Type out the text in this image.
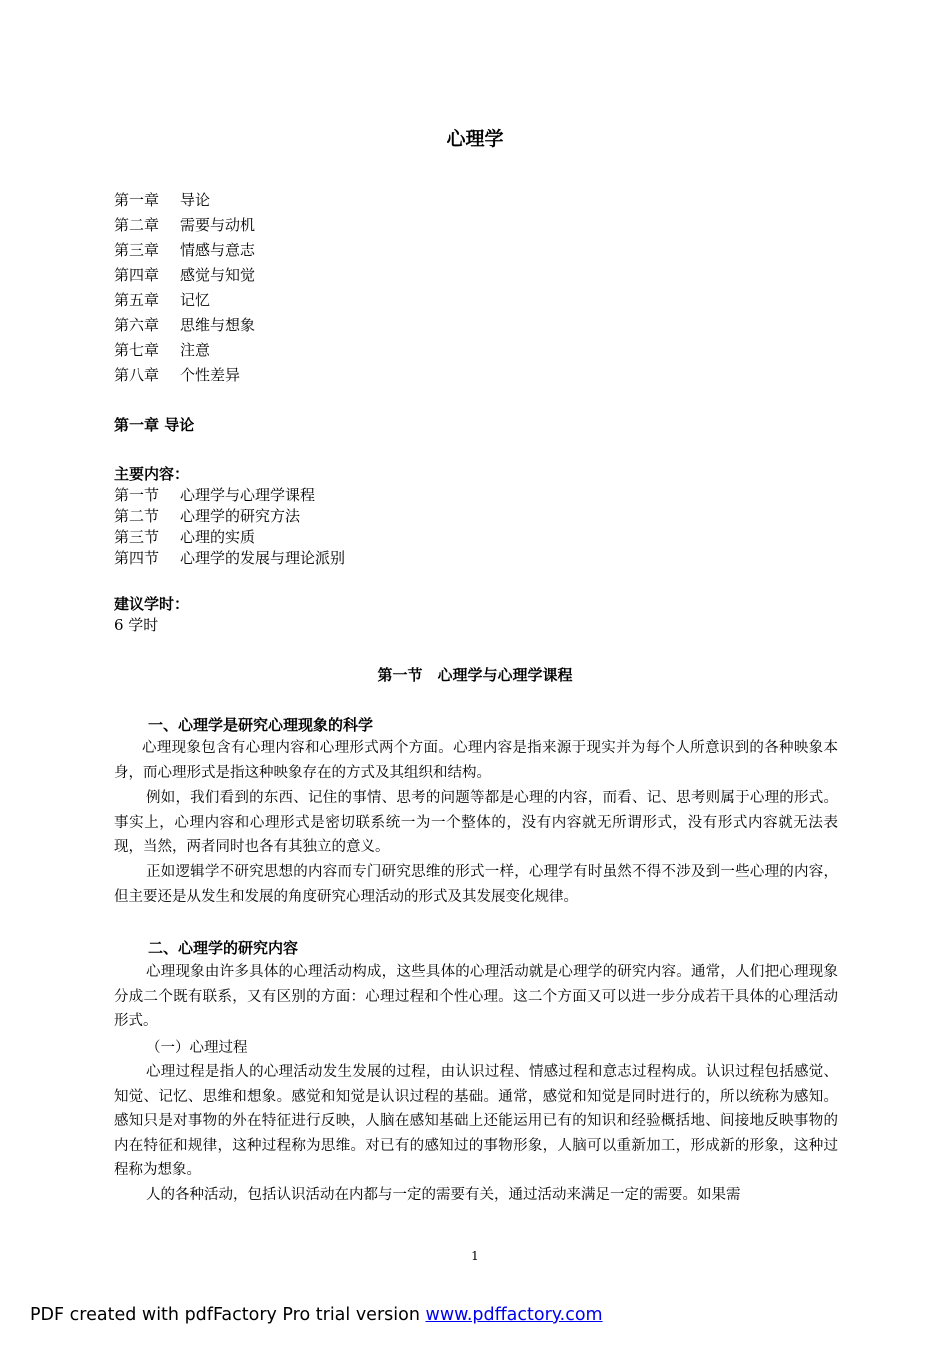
心理学
第一章	导论
第二章	需要与动机
第三章	情感与意志
第四章	感觉与知觉
第五章	记忆
第六章	思维与想象
第七章	注意
第八章	个性差异
第一章 导论
主要内容：
第一节	心理学与心理学课程
第二节	心理学的研究方法
第三节	心理的实质
第四节	心理学的发展与理论派别
建议学时：
6 学时
第一节　心理学与心理学课程
一、心理学是研究心理现象的科学
心理现象包含有心理内容和心理形式两个方面。心理内容是指来源于现实并为每个人所意识到的各种映象本身，而心理形式是指这种映象存在的方式及其组织和结构。
例如，我们看到的东西、记住的事情、思考的问题等都是心理的内容，而看、记、思考则属于心理的形式。事实上，心理内容和心理形式是密切联系统一为一个整体的，没有内容就无所谓形式，没有形式内容就无法表现，当然，两者同时也各有其独立的意义。
正如逻辑学不研究思想的内容而专门研究思维的形式一样，心理学有时虽然不得不涉及到一些心理的内容，但主要还是从发生和发展的角度研究心理活动的形式及其发展变化规律。
二、心理学的研究内容
心理现象由许多具体的心理活动构成，这些具体的心理活动就是心理学的研究内容。通常，人们把心理现象分成二个既有联系，又有区别的方面：心理过程和个性心理。这二个方面又可以进一步分成若干具体的心理活动形式。
（一）心理过程
心理过程是指人的心理活动发生发展的过程，由认识过程、情感过程和意志过程构成。认识过程包括感觉、知觉、记忆、思维和想象。感觉和知觉是认识过程的基础。通常，感觉和知觉是同时进行的，所以统称为感知。感知只是对事物的外在特征进行反映，人脑在感知基础上还能运用已有的知识和经验概括地、间接地反映事物的内在特征和规律，这种过程称为思维。对已有的感知过的事物形象，人脑可以重新加工，形成新的形象，这种过程称为想象。
人的各种活动，包括认识活动在内都与一定的需要有关，通过活动来满足一定的需要。如果需
1
PDF created with pdfFactory Pro trial version www.pdffactory.com
